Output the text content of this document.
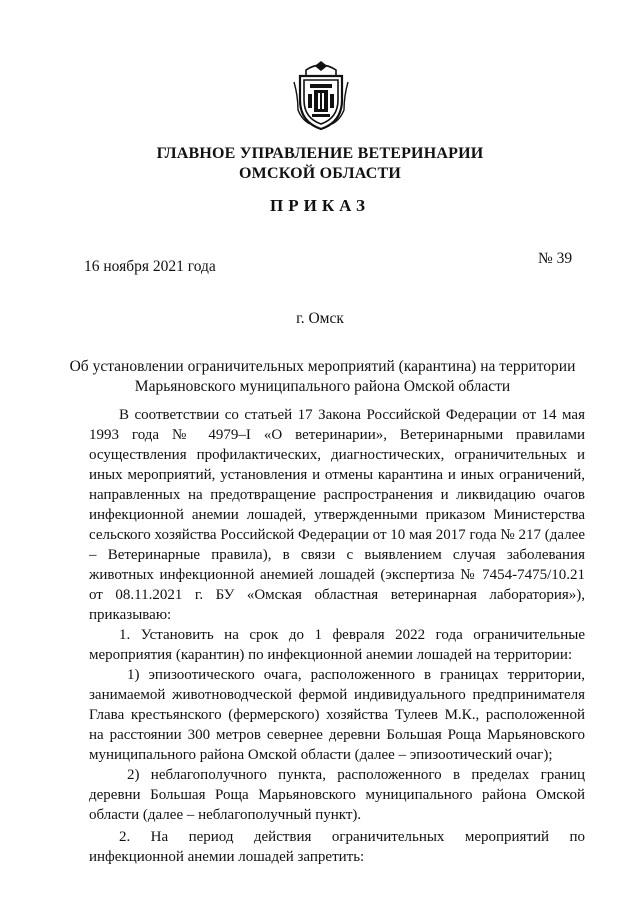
ГЛАВНОЕ УПРАВЛЕНИЕ ВЕТЕРИНАРИИ
ОМСКОЙ ОБЛАСТИ
ПРИКАЗ
16 ноября 2021 года	№ 39
г. Омск
Об установлении ограничительных мероприятий (карантина) на территории
Марьяновского муниципального района Омской области

В соответствии со статьей 17 Закона Российской Федерации от 14 мая

1993 года № 4979–I «О ветеринарии», Ветеринарными правилами

осуществления профилактических, диагностических, ограничительных и

иных мероприятий, установления и отмены карантина и иных ограничений,

направленных на предотвращение распространения и ликвидацию очагов

инфекционной анемии лошадей, утвержденными приказом Министерства

сельского хозяйства Российской Федерации от 10 мая 2017 года № 217 (далее

– Ветеринарные правила), в связи с выявлением случая заболевания

животных инфекционной анемией лошадей (экспертиза № 7454-7475/10.21

от 08.11.2021 г. БУ «Омская областная ветеринарная лаборатория»),

приказываю:

1. Установить на срок до 1 февраля 2022 года ограничительные

мероприятия (карантин) по инфекционной анемии лошадей на территории:

1) эпизоотического очага, расположенного в границах территории,

занимаемой животноводческой фермой индивидуального предпринимателя

Глава крестьянского (фермерского) хозяйства Тулеев М.К., расположенной

на расстоянии 300 метров севернее деревни Большая Роща Марьяновского

муниципального района Омской области (далее – эпизоотический очаг);

2) неблагополучного пункта, расположенного в пределах границ

деревни Большая Роща Марьяновского муниципального района Омской

области (далее – неблагополучный пункт).

2. На период действия ограничительных мероприятий по

инфекционной анемии лошадей запретить:
